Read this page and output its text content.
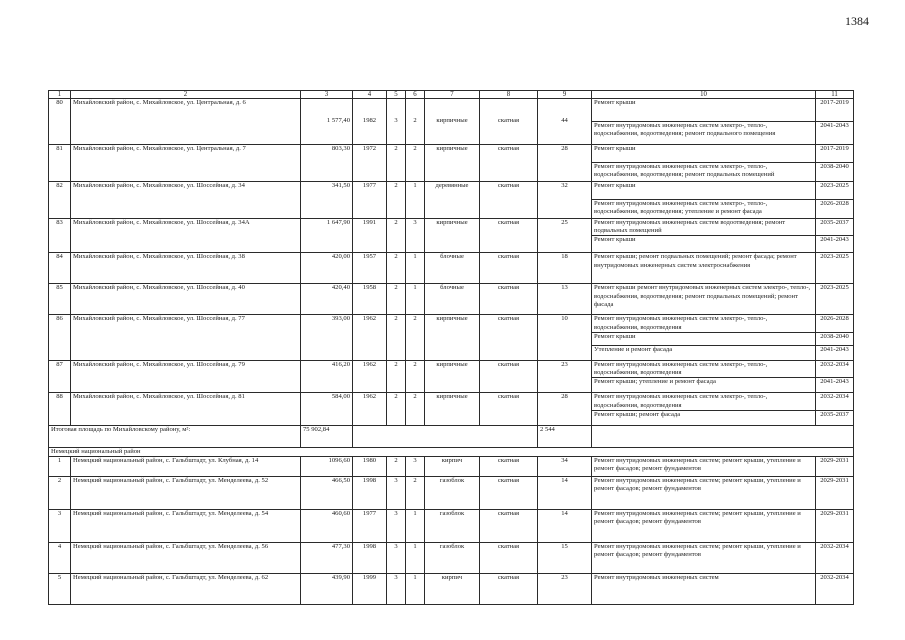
1384
1	2	3	4	5	6	7	8	9	10	11
80	Михайловский район, с. Михайловское, ул. Центральная, д. 6	1 577,40	1982	3	2	кирпичные	скатная	44	Ремонт крыши	2017-2019
									Ремонт внутридомовых инженерных систем электро-, тепло-, водоснабжения, водоотведения; ремонт подвального помещения	2041-2043
81	Михайловский район, с. Михайловское, ул. Центральная, д. 7	803,30	1972	2	2	кирпичные	скатная	28	Ремонт крыши	2017-2019
									Ремонт внутридомовых инженерных систем электро-, тепло-, водоснабжения, водоотведения; ремонт подвальных помещений	2038-2040
82	Михайловский район, с. Михайловское, ул. Шоссейная, д. 34	341,50	1977	2	1	деревянные	скатная	32	Ремонт крыши	2023-2025
									Ремонт внутридомовых инженерных систем электро-, тепло-, водоснабжения, водоотведения; утепление и ремонт фасада	2026-2028
83	Михайловский район, с. Михайловское, ул. Шоссейная, д. 34А	1 647,90	1991	2	3	кирпичные	скатная	25	Ремонт внутридомовых инженерных систем водоотведения; ремонт подвальных помещений	2035-2037
									Ремонт крыши	2041-2043
84	Михайловский район, с. Михайловское, ул. Шоссейная, д. 38	420,00	1957	2	1	блочные	скатная	18	Ремонт крыши; ремонт подвальных помещений; ремонт фасада; ремонт внутридомовых инженерных систем электроснабжения	2023-2025
85	Михайловский район, с. Михайловское, ул. Шоссейная, д. 40	420,40	1958	2	1	блочные	скатная	13	Ремонт крыши ремонт внутридомовых инженерных систем электро-, тепло-, водоснабжения, водоотведения; ремонт подвальных помещений; ремонт фасада	2023-2025
86	Михайловский район, с. Михайловское, ул. Шоссейная, д. 77	393,00	1962	2	2	кирпичные	скатная	10	Ремонт внутридомовых инженерных систем электро-, тепло-, водоснабжения, водоотведения	2026-2028
									Ремонт крыши	2038-2040
									Утепление и ремонт фасада	2041-2043
87	Михайловский район, с. Михайловское, ул. Шоссейная, д. 79	416,20	1962	2	2	кирпичные	скатная	23	Ремонт внутридомовых инженерных систем электро-, тепло-, водоснабжения, водоотведения	2032-2034
									Ремонт крыши; утепление и ремонт фасада	2041-2043
88	Михайловский район, с. Михайловское, ул. Шоссейная, д. 81	584,00	1962	2	2	кирпичные	скатная	28	Ремонт внутридомовых инженерных систем электро-, тепло-, водоснабжения, водоотведения	2032-2034
									Ремонт крыши; ремонт фасада	2035-2037
Итоговая площадь по Михайловскому району, м²:		75 902,84						2 544		
Немецкий национальный район										
1	Немецкий национальный район, с. Гальбштадт, ул. Клубная, д. 14	1096,60	1980	2	3	кирпич	скатная	34	Ремонт внутридомовых инженерных систем; ремонт крыши, утепление и ремонт фасадов; ремонт фундаментов	2029-2031
2	Немецкий национальный район, с. Гальбштадт, ул. Менделеева, д. 52	466,50	1998	3	2	газоблок	скатная	14	Ремонт внутридомовых инженерных систем; ремонт крыши, утепление и ремонт фасадов; ремонт фундаментов	2029-2031
3	Немецкий национальный район, с. Гальбштадт, ул. Менделеева, д. 54	460,60	1977	3	1	газоблок	скатная	14	Ремонт внутридомовых инженерных систем; ремонт крыши, утепление и ремонт фасадов; ремонт фундаментов	2029-2031
4	Немецкий национальный район, с. Гальбштадт, ул. Менделеева, д. 56	477,30	1998	3	1	газоблок	скатная	15	Ремонт внутридомовых инженерных систем; ремонт крыши, утепление и ремонт фасадов; ремонт фундаментов	2032-2034
5	Немецкий национальный район, с. Гальбштадт, ул. Менделеева, д. 62	439,90	1999	3	1	кирпич	скатная	23	Ремонт внутридомовых инженерных систем	2032-2034
